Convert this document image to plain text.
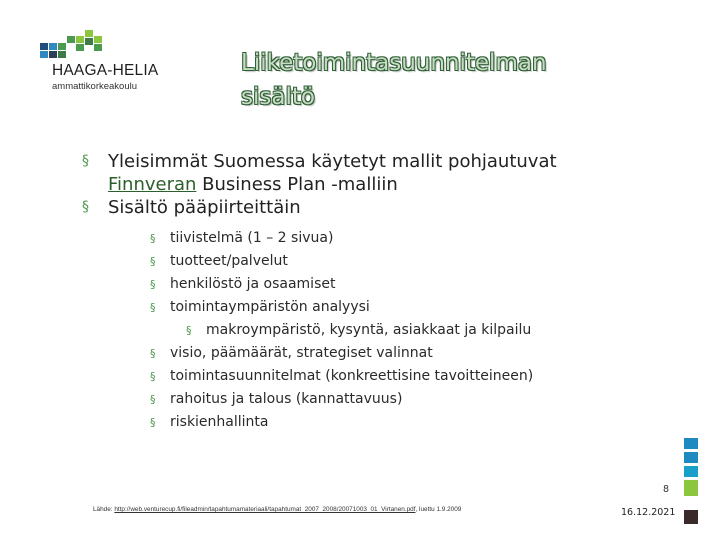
HAAGA-HELIA
ammattikorkeakoulu
Liiketoimintasuunnitelman
sisältö
§ Yleisimmät Suomessa käytetyt mallit pohjautuvat
Finnveran Business Plan -malliin
§ Sisältö pääpiirteittäin
§ tiivistelmä (1 – 2 sivua)
§ tuotteet/palvelut
§ henkilöstö ja osaamiset
§ toimintaympäristön analyysi
§ makroympäristö, kysyntä, asiakkaat ja kilpailu
§ visio, päämäärät, strategiset valinnat
§ toimintasuunnitelmat (konkreettisine tavoitteineen)
§ rahoitus ja talous (kannattavuus)
§ riskienhallinta
8
Lähde: http://web.venturecup.fi/fileadmin/tapahtumamateriaali/tapahtumat_2007_2008/20071003_01_Virtanen.pdf, luettu 1.9.2009	16.12.2021
